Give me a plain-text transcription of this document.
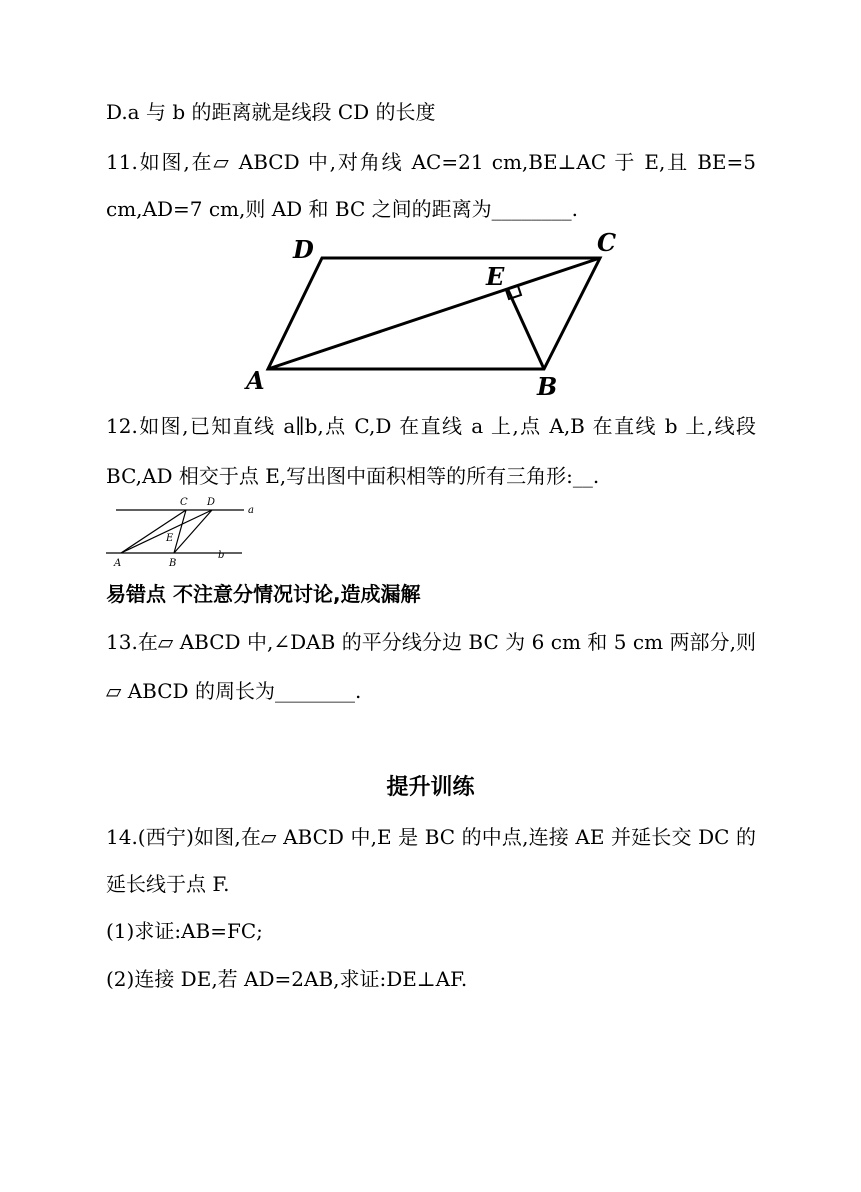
D.a 与 b 的距离就是线段 CD 的长度
11.如图,在▱ ABCD 中,对角线 AC=21 cm,BE⊥AC 于 E,且 BE=5
cm,AD=7 cm,则 AD 和 BC 之间的距离为________.
D	C
E
A	B
12.如图,已知直线 a∥b,点 C,D 在直线 a 上,点 A,B 在直线 b 上,线段
BC,AD 相交于点 E,写出图中面积相等的所有三角形:__.
C D
a
E
A	B
b
易错点 不注意分情况讨论,造成漏解
13.在▱ ABCD 中,∠DAB 的平分线分边 BC 为 6 cm 和 5 cm 两部分,则
▱ ABCD 的周长为________.
提升训练
14.(西宁)如图,在▱ ABCD 中,E 是 BC 的中点,连接 AE 并延长交 DC 的
延长线于点 F.
(1)求证:AB=FC;
(2)连接 DE,若 AD=2AB,求证:DE⊥AF.
